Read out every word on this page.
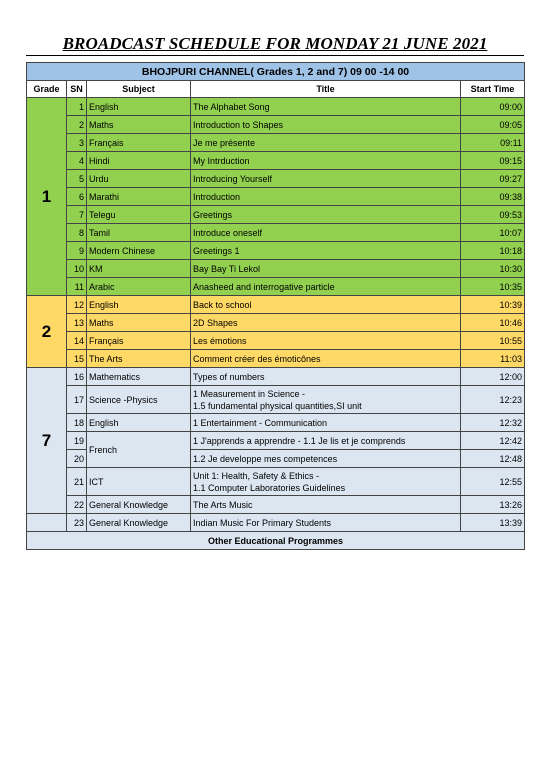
BROADCAST SCHEDULE FOR MONDAY 21 JUNE 2021
BHOJPURI CHANNEL( Grades 1, 2 and 7) 09 00 -14 00				
Grade	SN	Subject	Title	Start Time
1	1	English	The Alphabet Song	09:00
	2	Maths	Introduction to Shapes	09:05
	3	Français	Je me présente	09:11
	4	Hindi	My Intrduction	09:15
	5	Urdu	Introducing Yourself	09:27
	6	Marathi	Introduction	09:38
	7	Telegu	Greetings	09:53
	8	Tamil	Introduce oneself	10:07
	9	Modern Chinese	Greetings 1	10:18
	10	KM	Bay Bay Ti Lekol	10:30
	11	Arabic	Anasheed and interrogative particle	10:35
2	12	English	Back to school	10:39
	13	Maths	2D Shapes	10:46
	14	Français	Les émotions	10:55
	15	The Arts	Comment créer des émoticônes	11:03
7	16	Mathematics	Types of numbers	12:00
	17	Science -Physics	1 Measurement in Science -
1.5 fundamental physical quantities,SI unit	12:23
	18	English	1 Entertainment - Communication	12:32
	19	French	1 J'apprends a apprendre - 1.1 Je lis et je comprends	12:42
	20		1.2 Je developpe mes competences	12:48
	21	ICT	Unit 1: Health, Safety & Ethics -
1.1 Computer Laboratories Guidelines	12:55
	22	General Knowledge	The Arts Music	13:26
	23	General Knowledge	Indian Music For Primary Students	13:39
Other Educational Programmes				
